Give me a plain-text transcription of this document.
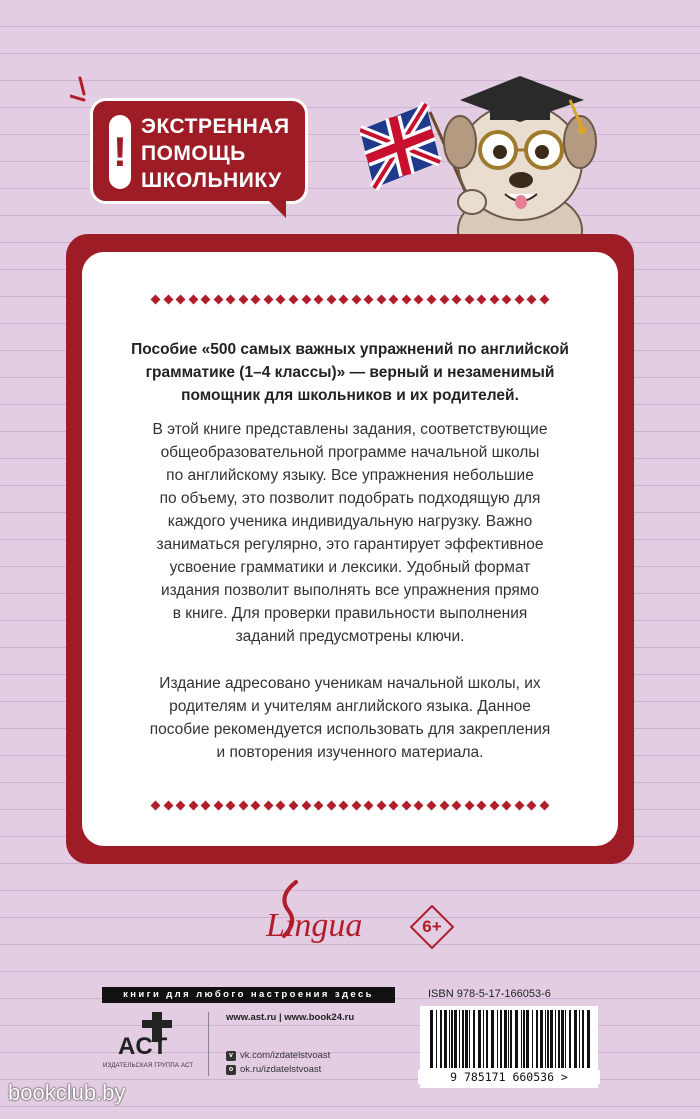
!
ЭКСТРЕННАЯ
ПОМОЩЬ
ШКОЛЬНИКУ
Пособие «500 самых важных упражнений по английской
грамматике (1–4 классы)» — верный и незаменимый
помощник для школьников и их родителей.
В этой книге представлены задания, соответствующие
общеобразовательной программе начальной школы
по английскому языку. Все упражнения небольшие
по объему, это позволит подобрать подходящую для
каждого ученика индивидуальную нагрузку. Важно
заниматься регулярно, это гарантирует эффективное
усвоение грамматики и лексики. Удобный формат
издания позволит выполнять все упражнения прямо
в книге. Для проверки правильности выполнения
заданий предусмотрены ключи.
Издание адресовано ученикам начальной школы, их
родителям и учителям английского языка. Данное
пособие рекомендуется использовать для закрепления
и повторения изученного материала.
Lingua	6+
книги для любого настроения здесь	ISBN 978-5-17-166053-6
9 785171 660536 >
ACT
ИЗДАТЕЛЬСКАЯ ГРУППА АСТ
www.ast.ru | www.book24.ru
v vk.com/izdatelstvoast
o ok.ru/izdatelstvoast
bookclub.by
